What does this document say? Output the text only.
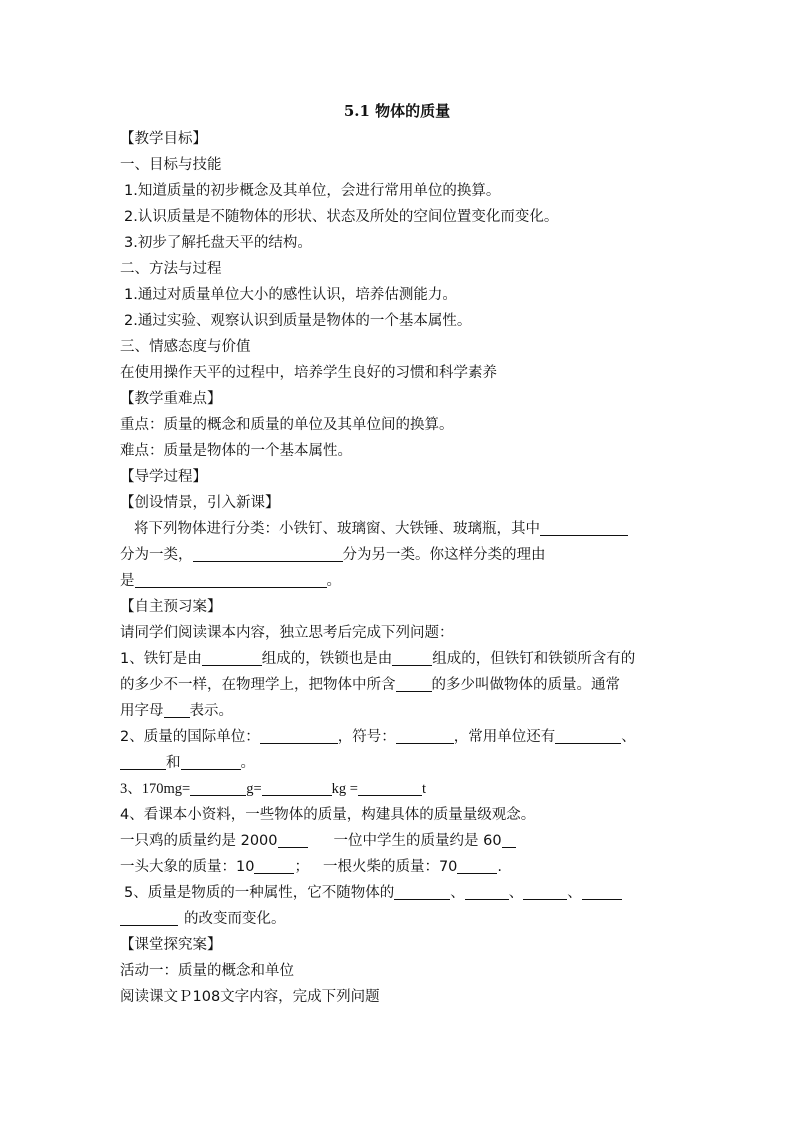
5.1 物体的质量
【教学目标】
一、目标与技能
1.知道质量的初步概念及其单位，会进行常用单位的换算。
2.认识质量是不随物体的形状、状态及所处的空间位置变化而变化。
3.初步了解托盘天平的结构。
二、方法与过程
1.通过对质量单位大小的感性认识，培养估测能力。
2.通过实验、观察认识到质量是物体的一个基本属性。
三、情感态度与价值
在使用操作天平的过程中，培养学生良好的习惯和科学素养
【教学重难点】
重点：质量的概念和质量的单位及其单位间的换算。
难点：质量是物体的一个基本属性。
【导学过程】
【创设情景，引入新课】
将下列物体进行分类：小铁钉、玻璃窗、大铁锤、玻璃瓶，其中
分为一类，	分为另一类。你这样分类的理由
是	。
【自主预习案】
请同学们阅读课本内容，独立思考后完成下列问题：
1、铁钉是由	组成的，铁锁也是由	组成的，但铁钉和铁锁所含有的
的多少不一样，在物理学上，把物体中所含 的多少叫做物体的质量。通常
用字母 表示。
2、质量的国际单位：	，符号：	，常用单位还有	、
和	。
3、170mg=	g=	kg =	t
4、看课本小资料，一些物体的质量，构建具体的质量量级观念。
一只鸡的质量约是 2000	一位中学生的质量约是 60
一头大象的质量：10	； 一根火柴的质量：70	.
5、质量是物质的一种属性，它不随物体的	、	、	、
的改变而变化。
【课堂探究案】
活动一：质量的概念和单位
阅读课文Ｐ108文字内容，完成下列问题
